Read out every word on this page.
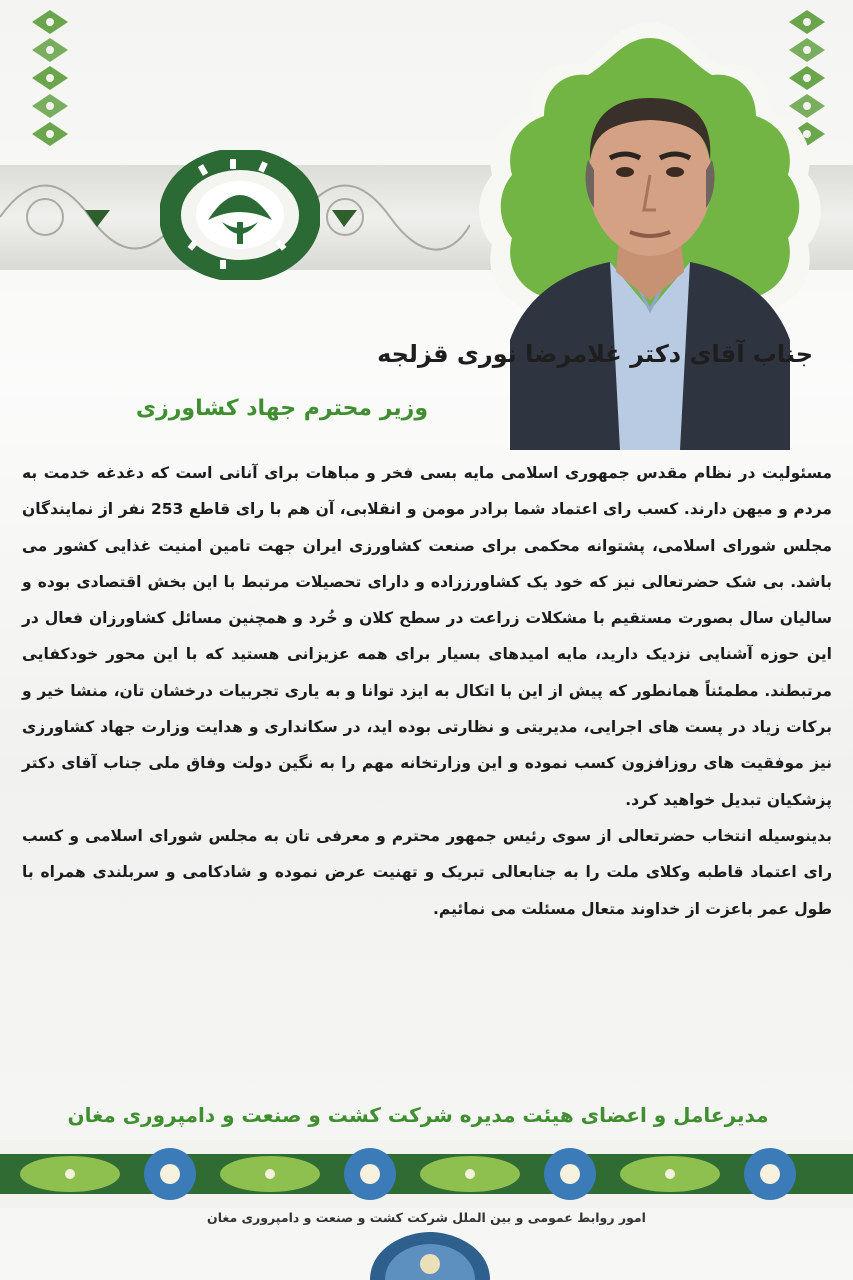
جناب آقای دکتر غلامرضا نوری قزلجه
وزیر محترم جهاد کشاورزی

مسئولیت در نظام مقدس جمهوری اسلامی مایه بسی فخر و مباهات برای آنانی است که دغدغه خدمت به مردم و میهن دارند. کسب رای اعتماد شما برادر مومن و انقلابی، آن هم با رای قاطع 253 نفر از نمایندگان مجلس شورای اسلامی، پشتوانه محکمی برای صنعت کشاورزی ایران جهت تامین امنیت غذایی کشور می باشد. بی شک حضرتعالی نیز که خود یک کشاورززاده و دارای تحصیلات مرتبط با این بخش اقتصادی بوده و سالیان سال بصورت مستقیم با مشکلات زراعت در سطح کلان و خُرد و همچنین مسائل کشاورزان فعال در این حوزه آشنایی نزدیک دارید، مایه امیدهای بسیار برای همه عزیزانی هستید که با این محور خودکفایی مرتبطند. مطمئناً همانطور که پیش از این با اتکال به ایزد توانا و به یاری تجربیات درخشان تان، منشا خیر و برکات زیاد در پست های اجرایی، مدیریتی و نظارتی بوده اید، در سکانداری و هدایت وزارت جهاد کشاورزی نیز موفقیت های روزافزون کسب نموده و این وزارتخانه مهم را به نگین دولت وفاق ملی جناب آقای دکتر پزشکیان تبدیل خواهید کرد.

بدینوسیله انتخاب حضرتعالی از سوی رئیس جمهور محترم و معرفی تان به مجلس شورای اسلامی و کسب رای اعتماد قاطبه وکلای ملت را به جنابعالی تبریک و تهنیت عرض نموده و شادکامی و سربلندی همراه با طول عمر باعزت از خداوند متعال مسئلت می نمائیم.

مدیرعامل و اعضای هیئت مدیره شرکت کشت و صنعت و دامپروری مغان

امور روابط عمومی و بین الملل شرکت کشت و صنعت و دامپروری مغان
